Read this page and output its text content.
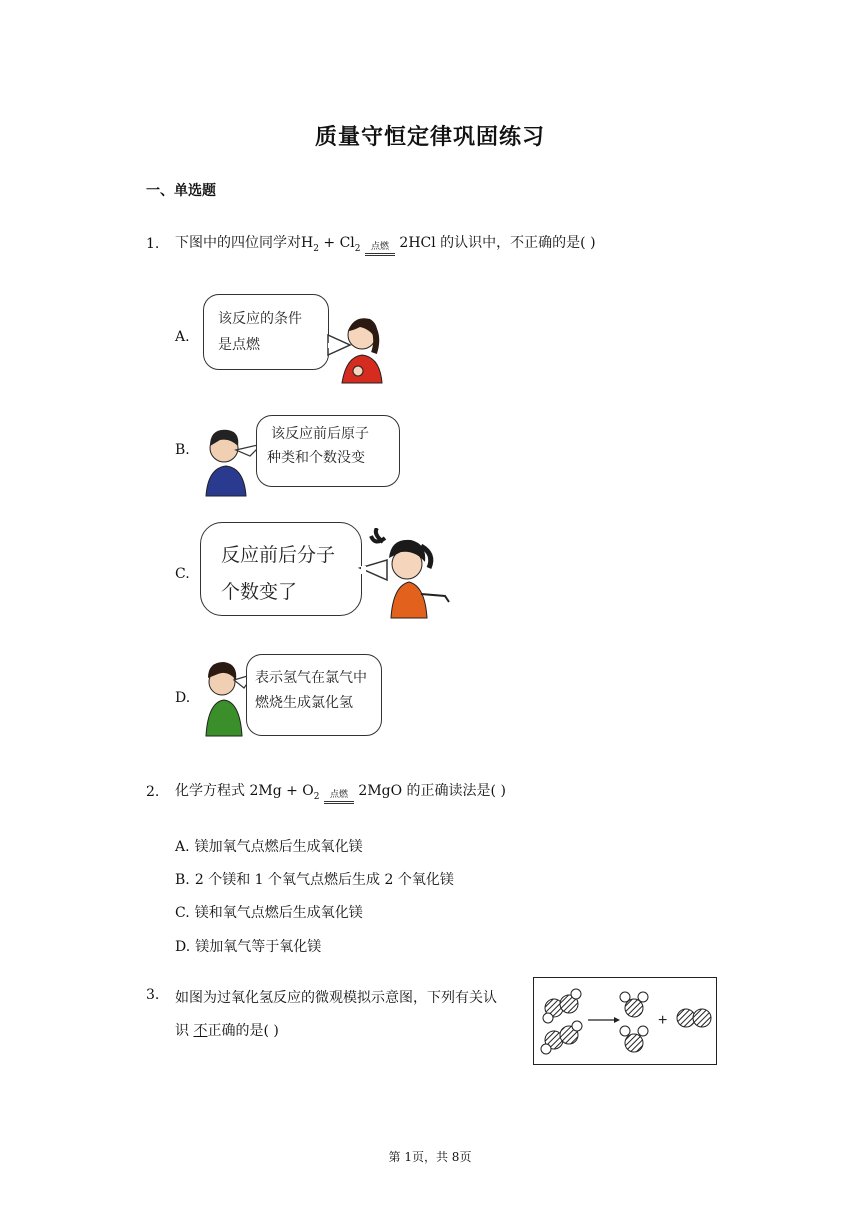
质量守恒定律巩固练习
一、单选题
1. 下图中的四位同学对$H_2 + Cl_2$	点燃 2HCl 的认识中，不正确的是( )
A.
该反应的条件
是点燃
B.
该反应前后原子
种类和个数没变
C.
反应前后分子
个数变了
D.
表示氢气在氯气中
燃烧生成氯化氢
2. 化学方程式 $2Mg + O_2$	点燃 2MgO 的正确读法是( )
A. 镁加氧气点燃后生成氧化镁
B. 2 个镁和 1 个氧气点燃后生成 2 个氧化镁
C. 镁和氧气点燃后生成氧化镁
D. 镁加氧气等于氧化镁
3. 如图为过氧化氢反应的微观模拟示意图，下列有关认
识 不正确的是( )
+
第 1页，共 8页
